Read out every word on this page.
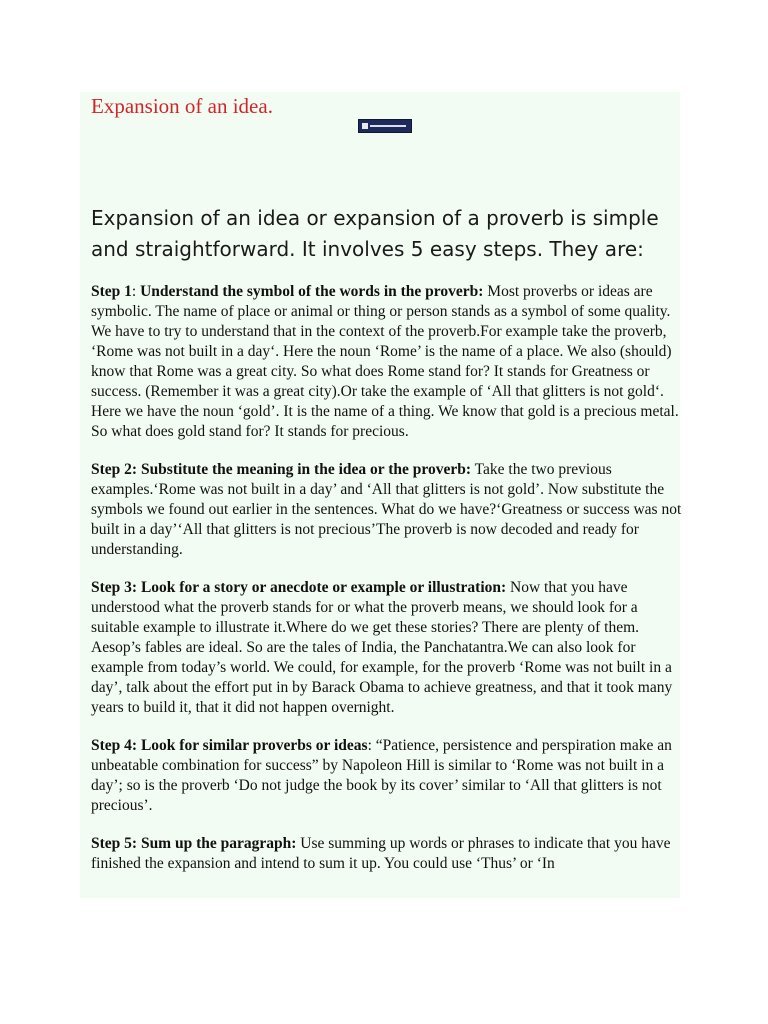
Expansion of an idea.

Expansion of an idea or expansion of a proverb is simple and straightforward. It involves 5 easy steps. They are:

Step 1: Understand the symbol of the words in the proverb: Most proverbs or ideas are symbolic. The name of place or animal or thing or person stands as a symbol of some quality. We have to try to understand that in the context of the proverb.For example take the proverb, ‘Rome was not built in a day‘. Here the noun ‘Rome’ is the name of a place. We also (should) know that Rome was a great city. So what does Rome stand for? It stands for Greatness or success. (Remember it was a great city).Or take the example of ‘All that glitters is not gold‘. Here we have the noun ‘gold’. It is the name of a thing. We know that gold is a precious metal. So what does gold stand for? It stands for precious.

Step 2: Substitute the meaning in the idea or the proverb: Take the two previous examples.‘Rome was not built in a day’ and ‘All that glitters is not gold’. Now substitute the symbols we found out earlier in the sentences. What do we have?‘Greatness or success was not built in a day’‘All that glitters is not precious’The proverb is now decoded and ready for understanding.

Step 3: Look for a story or anecdote or example or illustration: Now that you have understood what the proverb stands for or what the proverb means, we should look for a suitable example to illustrate it.Where do we get these stories? There are plenty of them. Aesop’s fables are ideal. So are the tales of India, the Panchatantra.We can also look for example from today’s world. We could, for example, for the proverb ‘Rome was not built in a day’, talk about the effort put in by Barack Obama to achieve greatness, and that it took many years to build it, that it did not happen overnight.

Step 4: Look for similar proverbs or ideas: “Patience, persistence and perspiration make an unbeatable combination for success” by Napoleon Hill is similar to ‘Rome was not built in a day’; so is the proverb ‘Do not judge the book by its cover’ similar to ‘All that glitters is not precious’.

Step 5: Sum up the paragraph: Use summing up words or phrases to indicate that you have finished the expansion and intend to sum it up. You could use ‘Thus’ or ‘In
